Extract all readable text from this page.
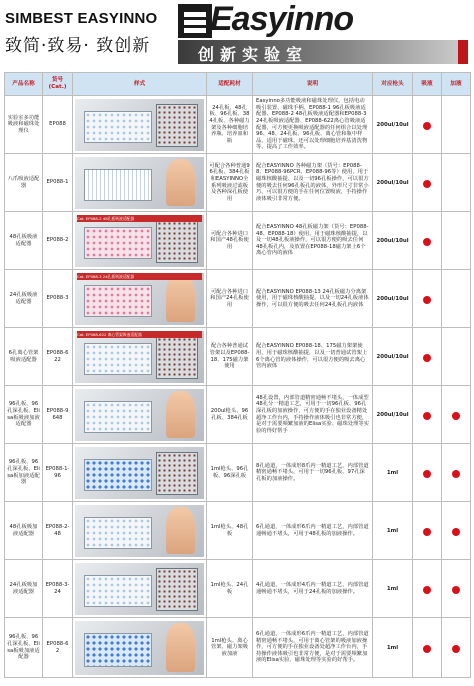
SIMBEST EASYINNO
致简·致易· 致创新
Easyinno
创新实验室
产品名称	货号 (Cat.)	样式	适配耗材	说明	对应枪头	吸液	加液
实验室多功能吸液和磁珠处理仪	EP088		24孔板、48孔板、96孔板、384孔板、各种磁力架及各种细胞培养瓶、培养皿和瓶	Easyinno多功能吸液和磁珠处理仪，包括电动吸引装置、磁珠手柄、EP088-1 96孔板吸液适配器、EP088-2 48孔板吸液适配器和EP088-3 24孔板吸液适配器、EP088-622离心管吸液适配器，可方便更换吸液适配器的任何组合以处理96、48、24孔板、96孔板、离心管和瓶中样品，适用于磁珠，还可以处理细胞培养基清洗物等，提高了工作效率。	200ul/10ul		
八爪吸液适配器	EP088-1		可配合各种普通96孔板、384孔板和EASYINNO全系列吸液过滤板及各种深孔板使用	配合EASYINNO 各种磁力架（货号：EP088-8、EP088-96PCR、EP088-96等）使用，用于磁珠核酸抽提、以及一切96孔板操作，可以很方便的吸去任何96孔板孔的液体，外形尺寸非常小巧，可以很方便的手在任何位置吸液，手持操作液体吸引非常方便。	200ul/10ul		
48孔板吸液适配器	EP088-2	Cat. EP088-2 48孔板吸液适配器	可配合各种进口和国产48孔板使用	配合EASYINNO 48孔板磁力架（货号：EP088-48、EP088-18）使用，用于磁珠核酸抽提，以及一切48孔板液操作，可以很方便的吸去任何48孔板孔内，及放置在EP088-18磁力架上6个离心管内的液体	200ul/10ul		
24孔板吸液适配器	EP088-3	Cat. EP088-3 24孔板吸液适配器	可配合各种进口和国产24孔板使用	配合EASYINNO EP088-13 24孔板磁力分离架使用，用于磁珠核酸抽提，以及一切24孔板液体操作，可以很方便的吸去任何24孔板孔内液体	200ul/10ul		
6孔离心管架吸液适配器	EP088-622	Cat. EP088-622 离心管架吸液适配器	配合各种普通试管架以及EP088-18、175磁力架使用	配合EASYINNO EP088-18、175磁力架架使用，用于磁珠核酸抽提，以及一切普通试管架上6个离心管的液体操作，可以很方便的吸去离心管内液体	200ul/10ul		
96孔板、96孔深孔板、Elisa板吸液加液适配器	EP088-9648		200ul枪头、96孔板、384孔板	48孔设置，内部管道精密通畅不堵头，一体成型48孔分一精道工艺，可用于一切96孔板、96孔深孔板的加液操作，可方便的手在独业设备精处超净工作台内，手持操作液体吸引也非常方便，是对于需要频繁加液的Elisa实验、磁珠处理等实验的得好帮手	200ul/10ul		
96孔板、96孔深孔板、Elisa板加液适配器	EP088-1-96		1ml枪头、96孔板、96深孔板	8孔通道，一体成形8爪内一精道工艺，内部管道精密通畅不堵头，可用于一切96孔板、97孔深孔板的加液操作。	1ml		
48孔板吸加液适配器	EP088-2-48		1ml枪头、48孔板	6孔通道，一体成形6爪内一精道工艺，内部管道通畅通不堵头，可用于48孔板的加液操作。	1ml		
24孔板吸加液适配器	EP088-3-24		1ml枪头、24孔板	4孔通道，一体成形4爪内一精道工艺，内部管道通畅通不堵头，可用于24孔板的加液操作。	1ml		
96孔板、96孔深孔板、Elisa板吸加液适配器	EP088-62		1ml枪头、离心管架、磁力架吸液加液	6孔通道，一体成形6爪内一精道工艺，内部管道精密通畅不堵头，可用于离心管架的吸液加液操作，可方便的手在独业设备处超净工作台内，手持操作液体吸引也非常方便，是对于需要频繁加液的Elisa实验、磁珠处理等实验的好帮手。	1ml		
